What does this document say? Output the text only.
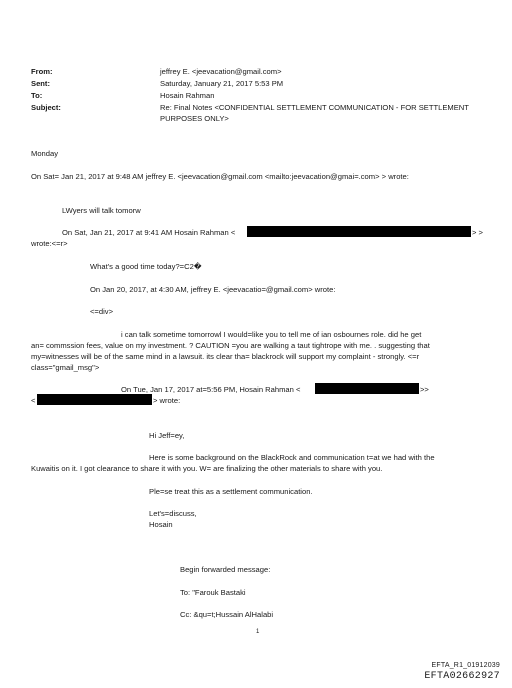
From:	jeffrey E. <jeevacation@gmail.com>
Sent:	Saturday, January 21, 2017 5:53 PM
To:	Hosain Rahman
Subject:	Re: Final Notes <CONFIDENTIAL SETTLEMENT COMMUNICATION - FOR SETTLEMENT
PURPOSES ONLY>
Monday
On Sat= Jan 21, 2017 at 9:48 AM jeffrey E. <jeevacation@gmail.com <mailto:jeevacation@gmai=.com> > wrote:
LWyers will talk tomorw
On Sat, Jan 21, 2017 at 9:41 AM Hosain Rahman <	> >
wrote:<=r>
What's a good time today?=C2�
On Jan 20, 2017, at 4:30 AM, jeffrey E. <jeevacatio=@gmail.com> wrote:
<=div>
i can talk sometime tomorrowl I would=like you to tell me of ian osbournes role. did he get
an= commssion fees, value on my investment. ? CAUTION =you are walking a taut tightrope with me. . suggesting that
my=witnesses will be of the same mind in a lawsuit. its clear tha= blackrock will support my complaint - strongly. <=r
class="gmail_msg">
On Tue, Jan 17, 2017 at=5:56 PM, Hosain Rahman <	>>
<	> wrote:
Hi Jeff=ey,
Here is some background on the BlackRock and communication t=at we had with the
Kuwaitis on it. I got clearance to share it with you. W= are finalizing the other materials to share with you.
Ple=se treat this as a settlement communication.
Let's=discuss,
Hosain
Begin forwarded message:
To: "Farouk Bastaki
Cc: &qu=t;Hussain AlHalabi
1
EFTA_R1_01912039
EFTA02662927
